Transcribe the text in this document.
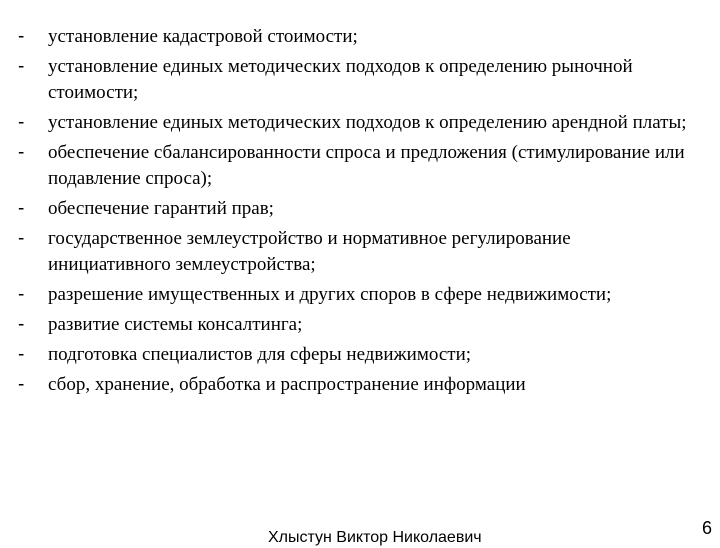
-	установление кадастровой стоимости;
-	установление единых методических подходов к определению рыночной стоимости;
-	установление единых методических подходов к определению арендной платы;
-	обеспечение сбалансированности спроса и предложения (стимулирование или подавление спроса);
-	обеспечение гарантий прав;
-	государственное землеустройство и нормативное регулирование инициативного землеустройства;
-	разрешение имущественных и других споров в сфере недвижимости;
-	развитие системы консалтинга;
-	подготовка специалистов для сферы недвижимости;
-	сбор, хранение, обработка и распространение информации
Хлыстун Виктор Николаевич	6
